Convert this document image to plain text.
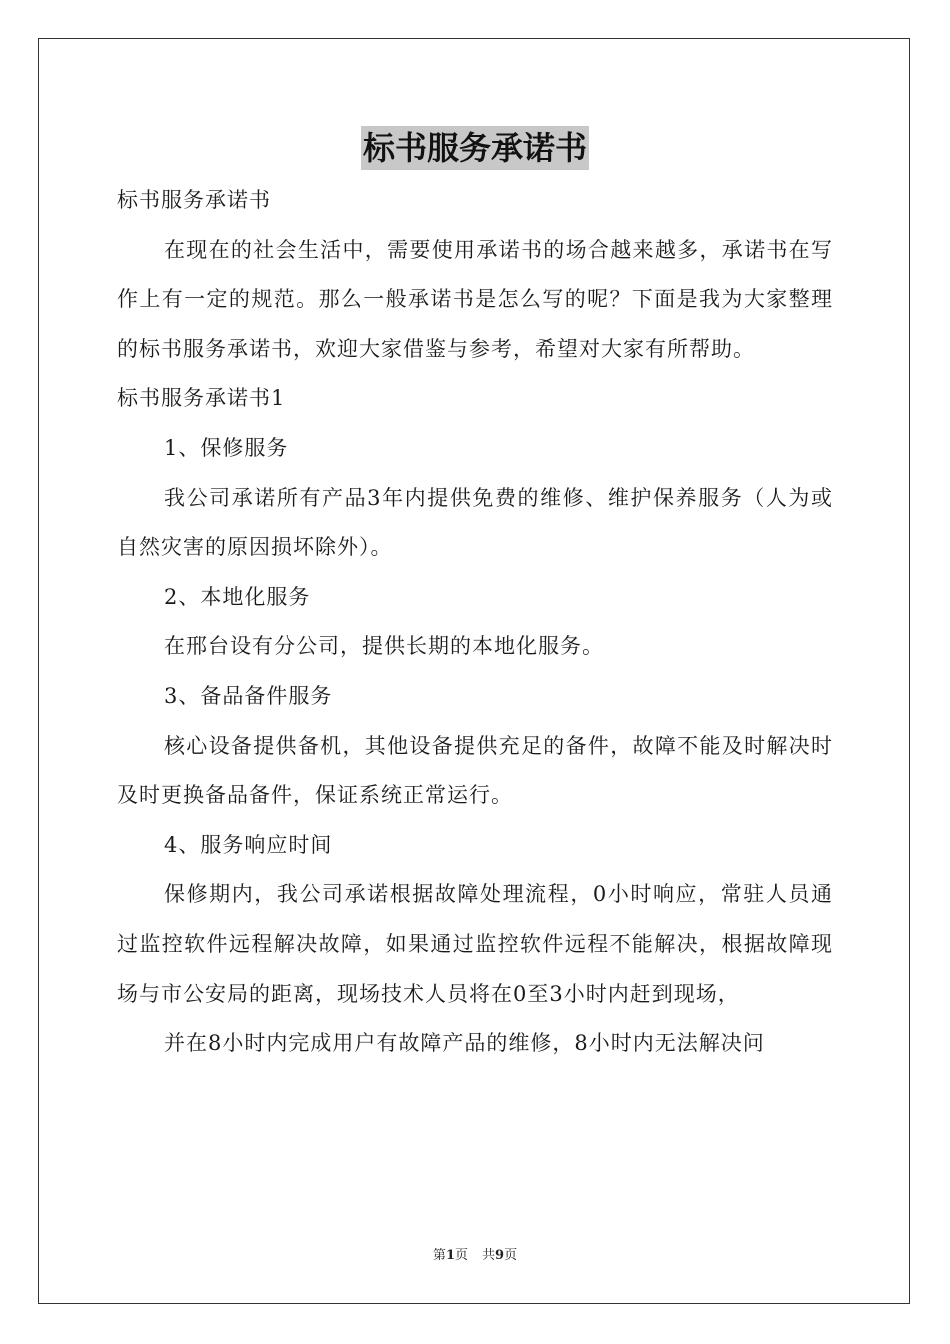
标书服务承诺书

标书服务承诺书

在现在的社会生活中，需要使用承诺书的场合越来越多，承诺书在写作上有一定的规范。那么一般承诺书是怎么写的呢？下面是我为大家整理的标书服务承诺书，欢迎大家借鉴与参考，希望对大家有所帮助。

标书服务承诺书1

1、保修服务

我公司承诺所有产品3年内提供免费的维修、维护保养服务（人为或自然灾害的原因损坏除外）。

2、本地化服务

在邢台设有分公司，提供长期的本地化服务。

3、备品备件服务

核心设备提供备机，其他设备提供充足的备件，故障不能及时解决时及时更换备品备件，保证系统正常运行。

4、服务响应时间

保修期内，我公司承诺根据故障处理流程，0小时响应，常驻人员通过监控软件远程解决故障，如果通过监控软件远程不能解决，根据故障现场与市公安局的距离，现场技术人员将在0至3小时内赶到现场，

并在8小时内完成用户有故障产品的维修，8小时内无法解决问

第1页 共9页
